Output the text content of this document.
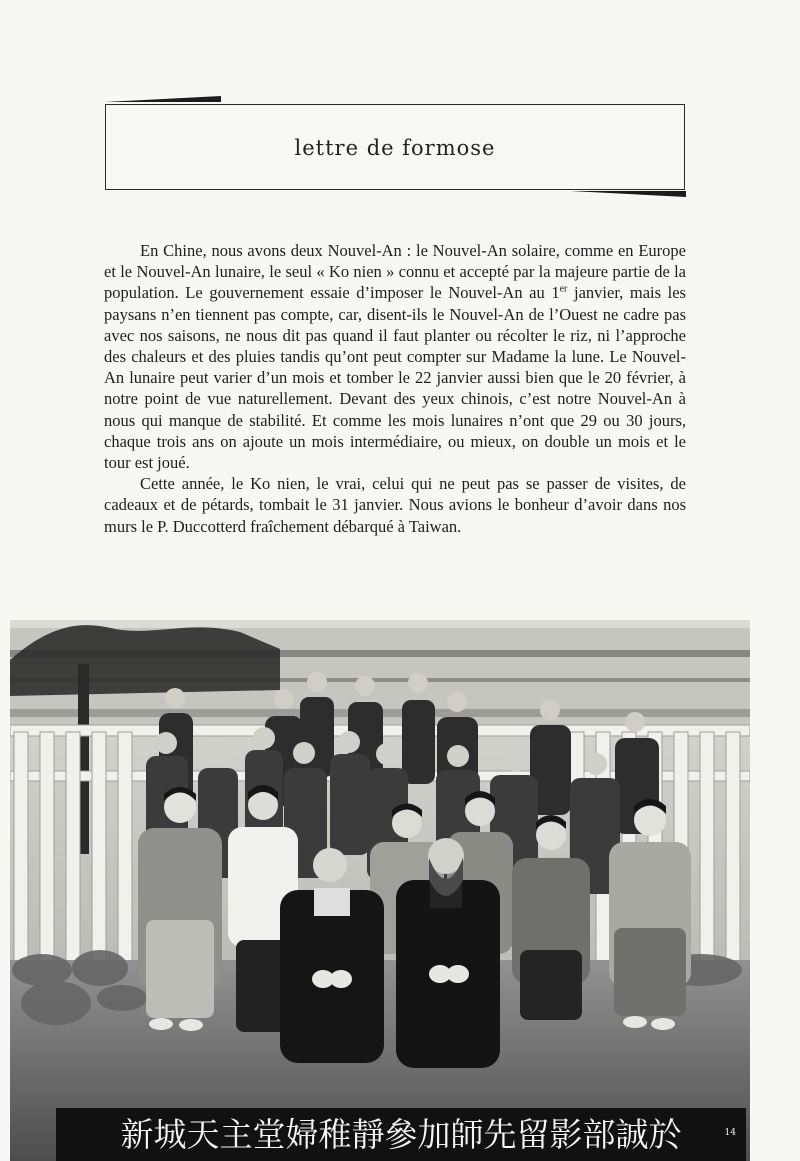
lettre de formose

En Chine, nous avons deux Nouvel-An : le Nouvel-An solaire, comme en Europe et le Nouvel-An lunaire, le seul « Ko nien » connu et accepté par la majeure partie de la population. Le gouvernement essaie d’imposer le Nouvel-An au 1er janvier, mais les paysans n’en tiennent pas compte, car, disent-ils le Nouvel-An de l’Ouest ne cadre pas avec nos saisons, ne nous dit pas quand il faut planter ou récolter le riz, ni l’approche des chaleurs et des pluies tandis qu’ont peut compter sur Madame la lune. Le Nouvel-An lunaire peut varier d’un mois et tomber le 22 janvier aussi bien que le 20 février, à notre point de vue naturellement. Devant des yeux chinois, c’est notre Nouvel-An à nous qui manque de stabilité. Et comme les mois lunaires n’ont que 29 ou 30 jours, chaque trois ans on ajoute un mois intermédiaire, ou mieux, on double un mois et le tour est joué.

Cette année, le Ko nien, le vrai, celui qui ne peut pas se passer de visites, de cadeaux et de pétards, tombait le 31 janvier. Nous avions le bonheur d’avoir dans nos murs le P. Duccotterd fraîchement débarqué à Taiwan.

新城天主堂婦稚靜參加師先留影部誠於	14
